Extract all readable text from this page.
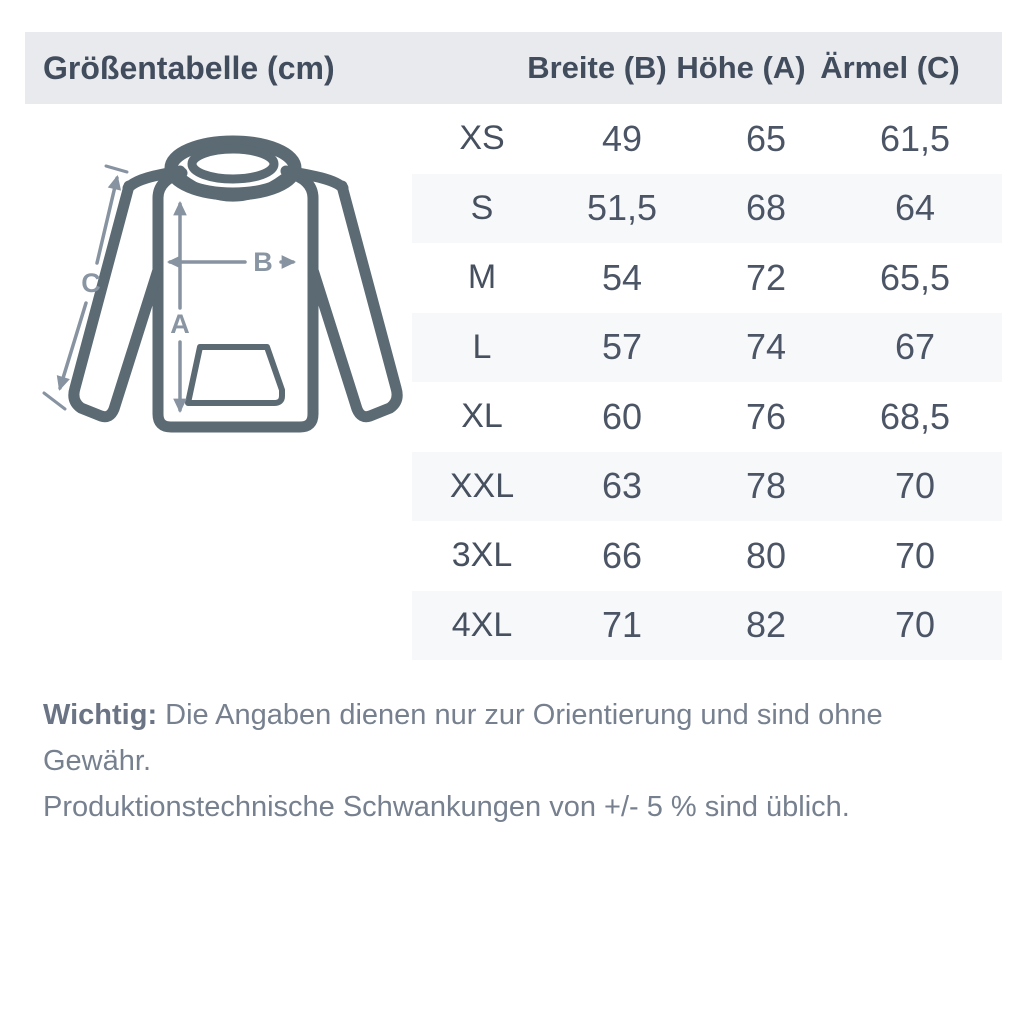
Größentabelle (cm)	Breite (B) Höhe (A) Ärmel (C)
A
B
C
XS	49	65	61,5
S	51,5	68	64
M	54	72	65,5
L	57	74	67
XL	60	76	68,5
XXL	63	78	70
3XL	66	80	70
4XL	71	82	70

Wichtig: Die Angaben dienen nur zur Orientierung und sind ohne Gewähr.
Produktionstechnische Schwankungen von +/- 5 % sind üblich.
